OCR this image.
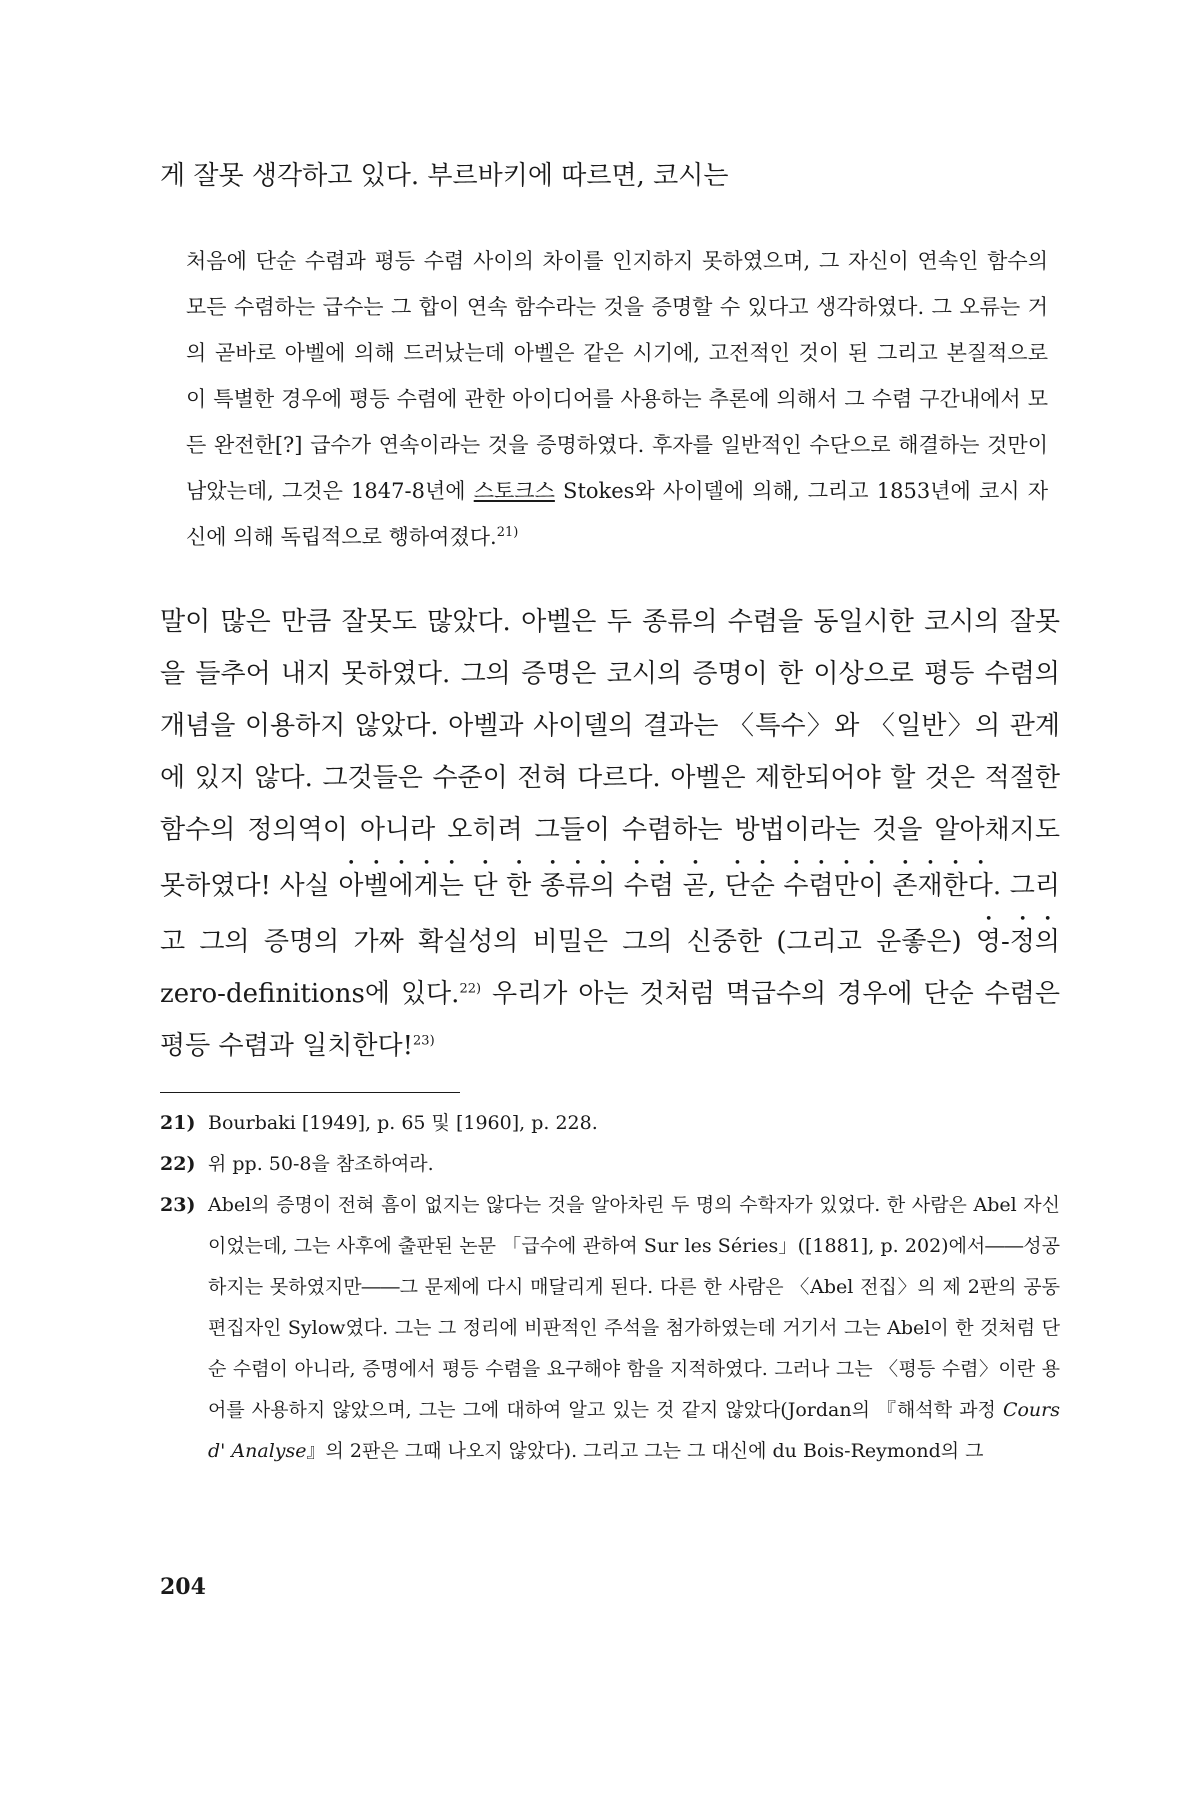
게 잘못 생각하고 있다. 부르바키에 따르면, 코시는

처음에 단순 수렴과 평등 수렴 사이의 차이를 인지하지 못하였으며, 그 자신이 연속인 함수의 모든 수렴하는 급수는 그 합이 연속 함수라는 것을 증명할 수 있다고 생각하였다. 그 오류는 거의 곧바로 아벨에 의해 드러났는데 아벨은 같은 시기에, 고전적인 것이 된 그리고 본질적으로 이 특별한 경우에 평등 수렴에 관한 아이디어를 사용하는 추론에 의해서 그 수렴 구간내에서 모든 완전한[?] 급수가 연속이라는 것을 증명하였다. 후자를 일반적인 수단으로 해결하는 것만이 남았는데, 그것은 1847-8년에 스토크스 Stokes와 사이델에 의해, 그리고 1853년에 코시 자신에 의해 독립적으로 행하여졌다.$^{21)}$

말이 많은 만큼 잘못도 많았다. 아벨은 두 종류의 수렴을 동일시한 코시의 잘못을 들추어 내지 못하였다. 그의 증명은 코시의 증명이 한 이상으로 평등 수렴의 개념을 이용하지 않았다. 아벨과 사이델의 결과는 〈특수〉와 〈일반〉의 관계에 있지 않다. 그것들은 수준이 전혀 다르다. 아벨은 제한되어야 할 것은 적절한 함수의 정의역이 아니라 오히려 그들이 수렴하는 방법이라는 것을 알아채지도 못하였다! 사실 아벨에게는 단 한 종류의 수렴 곧, 단순 수렴만이 존재한다. 그리고 그의 증명의 가짜 확실성의 비밀은 그의 신중한 (그리고 운좋은) 영-정의 zero-definitions에 있다.$^{22)}$ 우리가 아는 것처럼 멱급수의 경우에 단순 수렴은 평등 수렴과 일치한다!$^{23)}$

21) Bourbaki [1949], p. 65 및 [1960], p. 228.
22) 위 pp. 50-8을 참조하여라.
23) Abel의 증명이 전혀 흠이 없지는 않다는 것을 알아차린 두 명의 수학자가 있었다. 한 사람은 Abel 자신이었는데, 그는 사후에 출판된 논문 「급수에 관하여 Sur les Séries」([1881], p. 202)에서――성공하지는 못하였지만――그 문제에 다시 매달리게 된다. 다른 한 사람은 〈Abel 전집〉의 제 2판의 공동 편집자인 Sylow였다. 그는 그 정리에 비판적인 주석을 첨가하였는데 거기서 그는 Abel이 한 것처럼 단순 수렴이 아니라, 증명에서 평등 수렴을 요구해야 함을 지적하였다. 그러나 그는 〈평등 수렴〉이란 용어를 사용하지 않았으며, 그는 그에 대하여 알고 있는 것 같지 않았다(Jordan의 『해석학 과정 Cours d' Analyse』의 2판은 그때 나오지 않았다). 그리고 그는 그 대신에 du Bois-Reymond의 그
204
